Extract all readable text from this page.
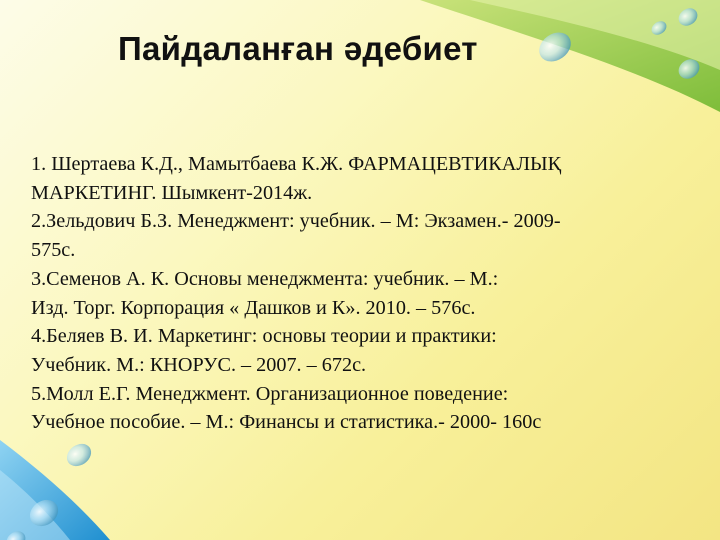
Пайдаланған әдебиет
1. Шертаева К.Д., Мамытбаева К.Ж. ФАРМАЦЕВТИКАЛЫҚ
МАРКЕТИНГ. Шымкент-2014ж.
2.Зельдович Б.З. Менеджмент: учебник. – М: Экзамен.- 2009-
575с.
3.Семенов А. К. Основы менеджмента: учебник. – М.:
Изд. Торг. Корпорация « Дашков и К». 2010. – 576с.
4.Беляев В. И. Маркетинг: основы теории и практики:
Учебник. М.: КНОРУС. – 2007. – 672с.
5.Молл Е.Г. Менеджмент. Организационное поведение:
Учебное пособие. – М.: Финансы и статистика.- 2000- 160с
